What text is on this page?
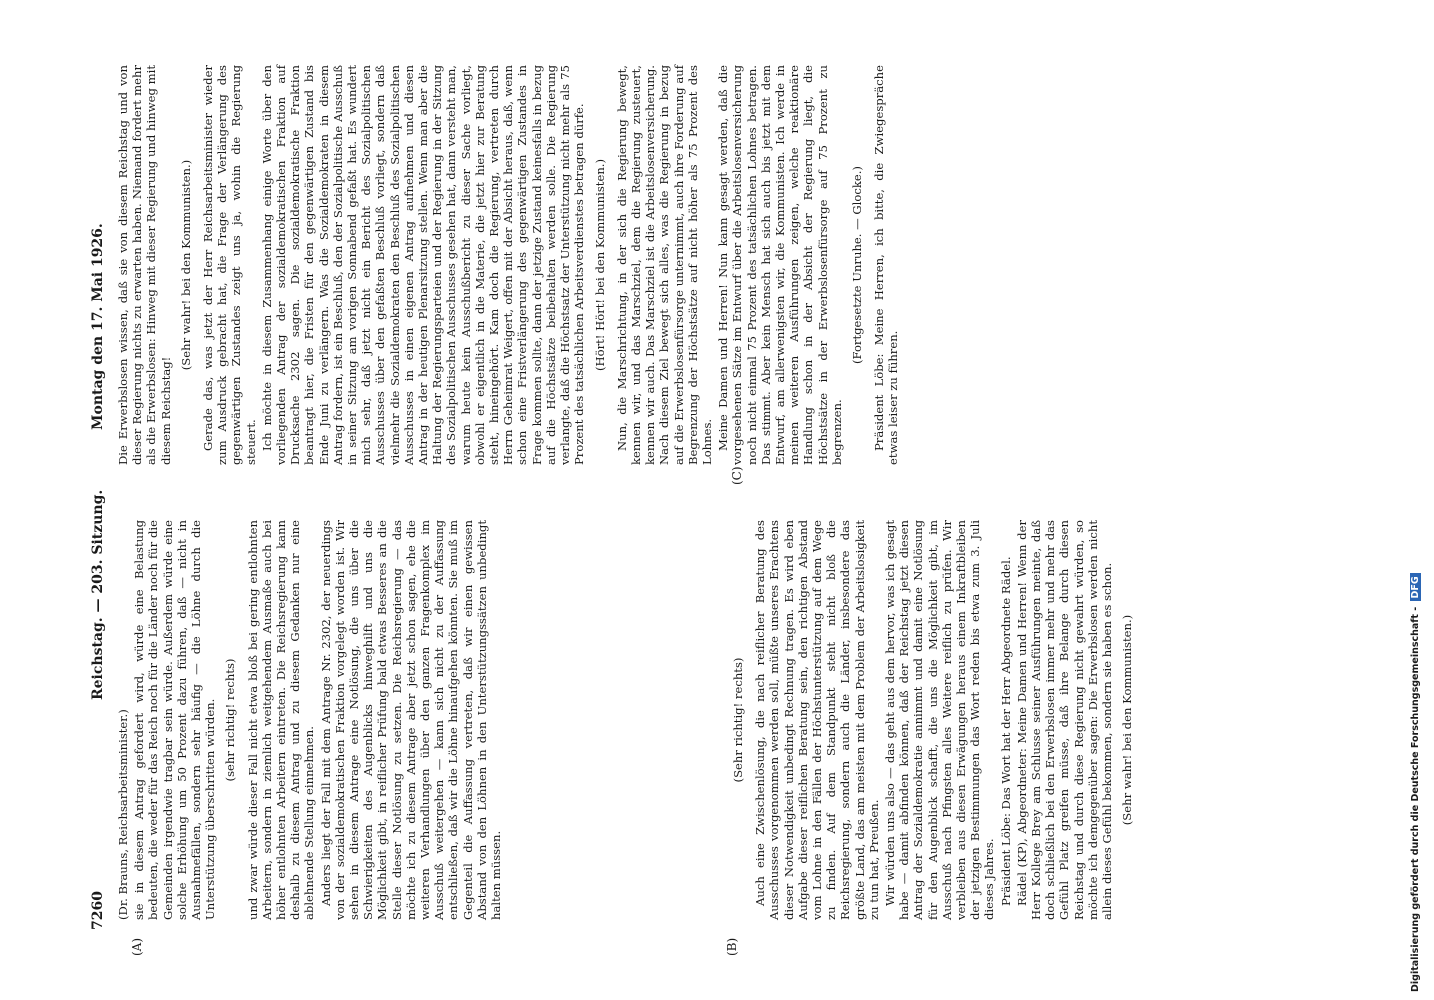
7260
Reichstag. — 203. Sitzung.
Montag den 17. Mai 1926.
(A)	(B)
(C)

(Dr. Brauns, Reichsarbeitsminister.) sie in diesem Antrag gefordert wird, würde eine Belastung bedeuten, die weder für das Reich noch für die Länder noch für die Gemeinden irgendwie tragbar sein würde. Außerdem würde eine solche Erhöhung um 50 Prozent dazu führen, daß — nicht in Ausnahmefällen, sondern sehr häufig — die Löhne durch die Unterstützung überschritten würden. (sehr richtig! rechts) und zwar würde dieser Fall nicht etwa bloß bei gering entlohnten Arbeitern, sondern in ziemlich weitgehendem Ausmaße auch bei höher entlohnten Arbeitern eintreten. Die Reichsregierung kann deshalb zu diesem Antrag und zu diesem Gedanken nur eine ablehnende Stellung einnehmen. Anders liegt der Fall mit dem Antrage Nr. 2302, der neuerdings von der sozialdemokratischen Fraktion vorgelegt worden ist. Wir sehen in diesem Antrage eine Notlösung, die uns über die Schwierigkeiten des Augenblicks hinweghilft und uns die Möglichkeit gibt, in reiflicher Prüfung bald etwas Besseres an die Stelle dieser Notlösung zu setzen. Die Reichsregierung — das möchte ich zu diesem Antrage aber jetzt schon sagen, ehe die weiteren Verhandlungen über den ganzen Fragenkomplex im Ausschuß weitergehen — kann sich nicht zu der Auffassung entschließen, daß wir die Löhne hinaufgehen könnten. Sie muß im Gegenteil die Auffassung vertreten, daß wir einen gewissen Abstand von den Löhnen in den Unterstützungssätzen unbedingt halten müssen.

(Sehr richtig! rechts) Auch eine Zwischenlösung, die nach reiflicher Beratung des Ausschusses vorgenommen werden soll, müßte unseres Erachtens dieser Notwendigkeit unbedingt Rechnung tragen. Es wird eben Aufgabe dieser reiflichen Beratung sein, den richtigen Abstand vom Lohne in den Fällen der Höchstunterstützung auf dem Wege zu finden. Auf dem Standpunkt steht nicht bloß die Reichsregierung, sondern auch die Länder, insbesondere das größte Land, das am meisten mit dem Problem der Arbeitslosigkeit zu tun hat, Preußen. Wir würden uns also — das geht aus dem hervor, was ich gesagt habe — damit abfinden können, daß der Reichstag jetzt diesen Antrag der Sozialdemokratie annimmt und damit eine Notlösung für den Augenblick schafft, die uns die Möglichkeit gibt, im Ausschuß nach Pfingsten alles Weitere reiflich zu prüfen. Wir verbleiben aus diesen Erwägungen heraus einem Inkraftbleiben der jetzigen Bestimmungen das Wort reden bis etwa zum 3. Juli dieses Jahres. Präsident Löbe: Das Wort hat der Herr Abgeordnete Rädel. Rädel (KP), Abgeordneter: Meine Damen und Herren! Wenn der Herr Kollege Brey am Schlusse seiner Ausführungen meinte, daß doch schließlich bei den Erwerbslosen immer mehr und mehr das Gefühl Platz greifen müsse, daß ihre Belange durch diesen Reichstag und durch diese Regierung nicht gewahrt würden, so möchte ich demgegenüber sagen: Die Erwerbslosen werden nicht allein dieses Gefühl bekommen, sondern sie haben es schon. (Sehr wahr! bei den Kommunisten.)

Die Erwerbslosen wissen, daß sie von diesem Reichstag und von dieser Regierung nichts zu erwarten haben. Niemand fordert mehr als die Erwerbslosen: Hinweg mit dieser Regierung und hinweg mit diesem Reichstag!

(Sehr wahr! bei den Kommunisten.) Gerade das, was jetzt der Herr Reichsarbeitsminister wieder zum Ausdruck gebracht hat, die Frage der Verlängerung des gegenwärtigen Zustandes zeigt uns ja, wohin die Regierung steuert. Ich möchte in diesem Zusammenhang einige Worte über den vorliegenden Antrag der sozialdemokratischen Fraktion auf Drucksache 2302 sagen. Die sozialdemokratische Fraktion beantragt hier, die Fristen für den gegenwärtigen Zustand bis Ende Juni zu verlängern. Was die Sozialdemokraten in diesem Antrag fordern, ist ein Beschluß, den der Sozialpolitische Ausschuß in seiner Sitzung am vorigen Sonnabend gefaßt hat. Es wundert mich sehr, daß jetzt nicht ein Bericht des Sozialpolitischen Ausschusses über den gefaßten Beschluß vorliegt, sondern daß vielmehr die Sozialdemokraten den Beschluß des Sozialpolitischen Ausschusses in einen eigenen Antrag aufnehmen und diesen Antrag in der heutigen Plenarsitzung stellen. Wenn man aber die Haltung der Regierungsparteien und der Regierung in der Sitzung des Sozialpolitischen Ausschusses gesehen hat, dann versteht man, warum heute kein Ausschußbericht zu dieser Sache vorliegt, obwohl er eigentlich in die Materie, die jetzt hier zur Beratung steht, hineingehört. Kam doch die Regierung, vertreten durch Herrn Geheimrat Weigert, offen mit der Absicht heraus, daß, wenn schon eine Fristverlängerung des gegenwärtigen Zustandes in Frage kommen sollte, dann der jetzige Zustand keinesfalls in bezug auf die Höchstsätze beibehalten werden solle. Die Regierung verlangte, daß die Höchstsatz der Unterstützung nicht mehr als 75 Prozent des tatsächlichen Arbeitsverdienstes betragen dürfe. (Hört! Hört! bei den Kommunisten.) Nun, die Marschrichtung, in der sich die Regierung bewegt, kennen wir, und das Marschziel, dem die Regierung zusteuert, kennen wir auch. Das Marschziel ist die Arbeitslosenversicherung. Nach diesem Ziel bewegt sich alles, was die Regierung in bezug auf die Erwerbslosenfürsorge unternimmt, auch ihre Forderung auf Begrenzung der Höchstsätze auf nicht höher als 75 Prozent des Lohnes. Meine Damen und Herren! Nun kann gesagt werden, daß die vorgesehenen Sätze im Entwurf über die Arbeitslosenversicherung noch nicht einmal 75 Prozent des tatsächlichen Lohnes betragen. Das stimmt. Aber kein Mensch hat sich auch bis jetzt mit dem Entwurf, am allerwenigsten wir, die Kommunisten. Ich werde in meinen weiteren Ausführungen zeigen, welche reaktionäre Handlung schon in der Absicht der Regierung liegt, die Höchstsätze in der Erwerbslosenfürsorge auf 75 Prozent zu begrenzen.

(Fortgesetzte Unruhe. — Glocke.) Präsident Löbe: Meine Herren, ich bitte, die Zwiegespräche etwas leiser zu führen.

Digitalisierung gefördert durch die Deutsche Forschungsgemeinschaft - DFG
